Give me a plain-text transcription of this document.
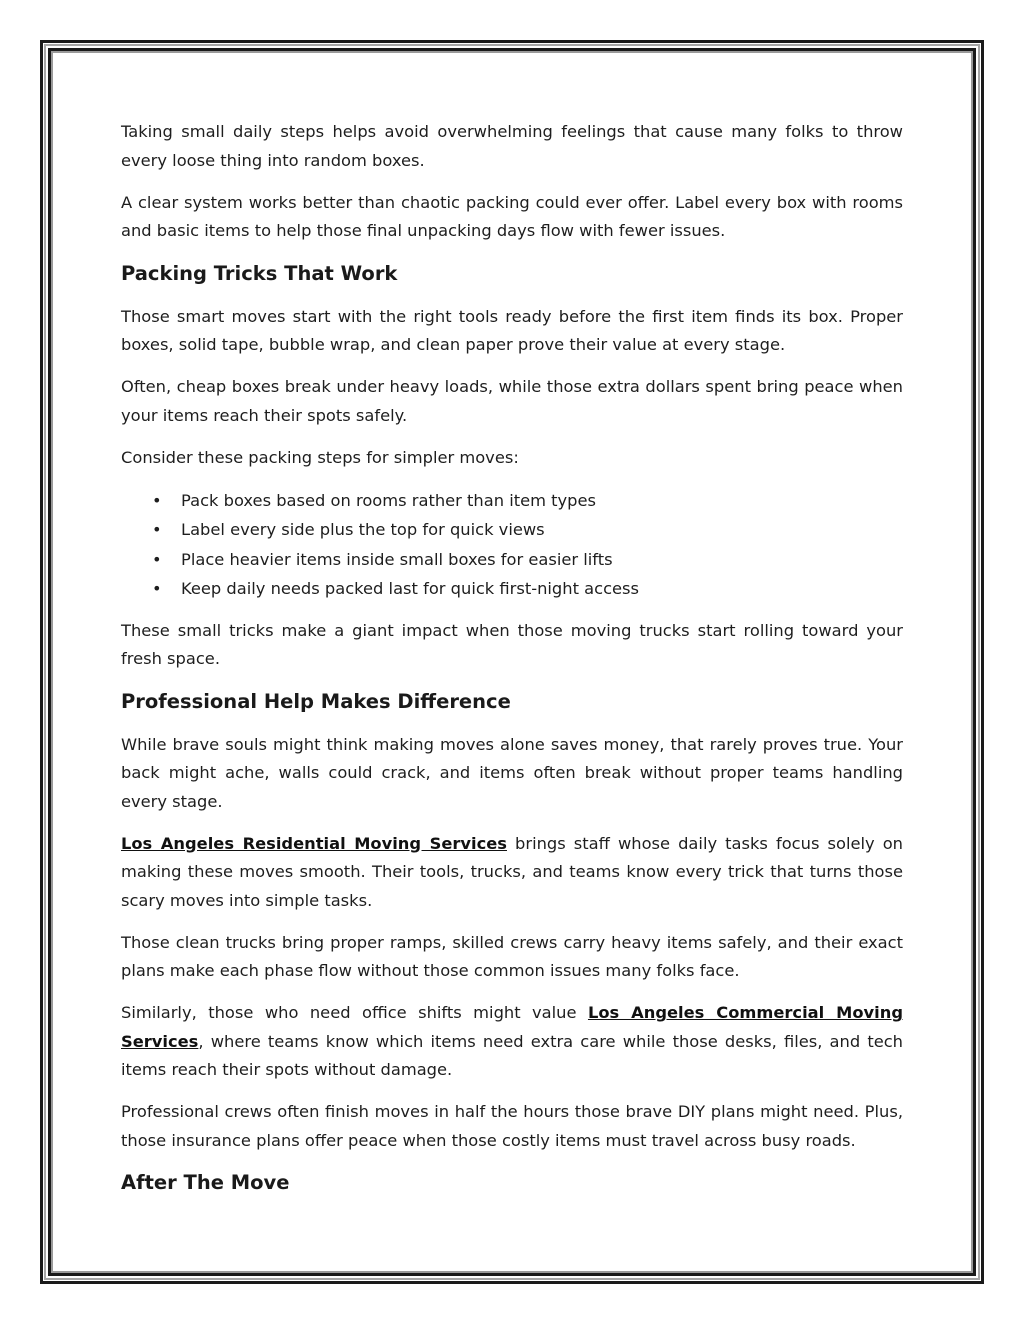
Taking small daily steps helps avoid overwhelming feelings that cause many folks to throw every loose thing into random boxes.

A clear system works better than chaotic packing could ever offer. Label every box with rooms and basic items to help those final unpacking days flow with fewer issues.

Packing Tricks That Work

Those smart moves start with the right tools ready before the first item finds its box. Proper boxes, solid tape, bubble wrap, and clean paper prove their value at every stage.

Often, cheap boxes break under heavy loads, while those extra dollars spent bring peace when your items reach their spots safely.

Consider these packing steps for simpler moves:

• Pack boxes based on rooms rather than item types
• Label every side plus the top for quick views
• Place heavier items inside small boxes for easier lifts
• Keep daily needs packed last for quick first-night access

These small tricks make a giant impact when those moving trucks start rolling toward your fresh space.

Professional Help Makes Difference

While brave souls might think making moves alone saves money, that rarely proves true. Your back might ache, walls could crack, and items often break without proper teams handling every stage.

Los Angeles Residential Moving Services brings staff whose daily tasks focus solely on making these moves smooth. Their tools, trucks, and teams know every trick that turns those scary moves into simple tasks.

Those clean trucks bring proper ramps, skilled crews carry heavy items safely, and their exact plans make each phase flow without those common issues many folks face.

Similarly, those who need office shifts might value Los Angeles Commercial Moving Services, where teams know which items need extra care while those desks, files, and tech items reach their spots without damage.

Professional crews often finish moves in half the hours those brave DIY plans might need. Plus, those insurance plans offer peace when those costly items must travel across busy roads.

After The Move
